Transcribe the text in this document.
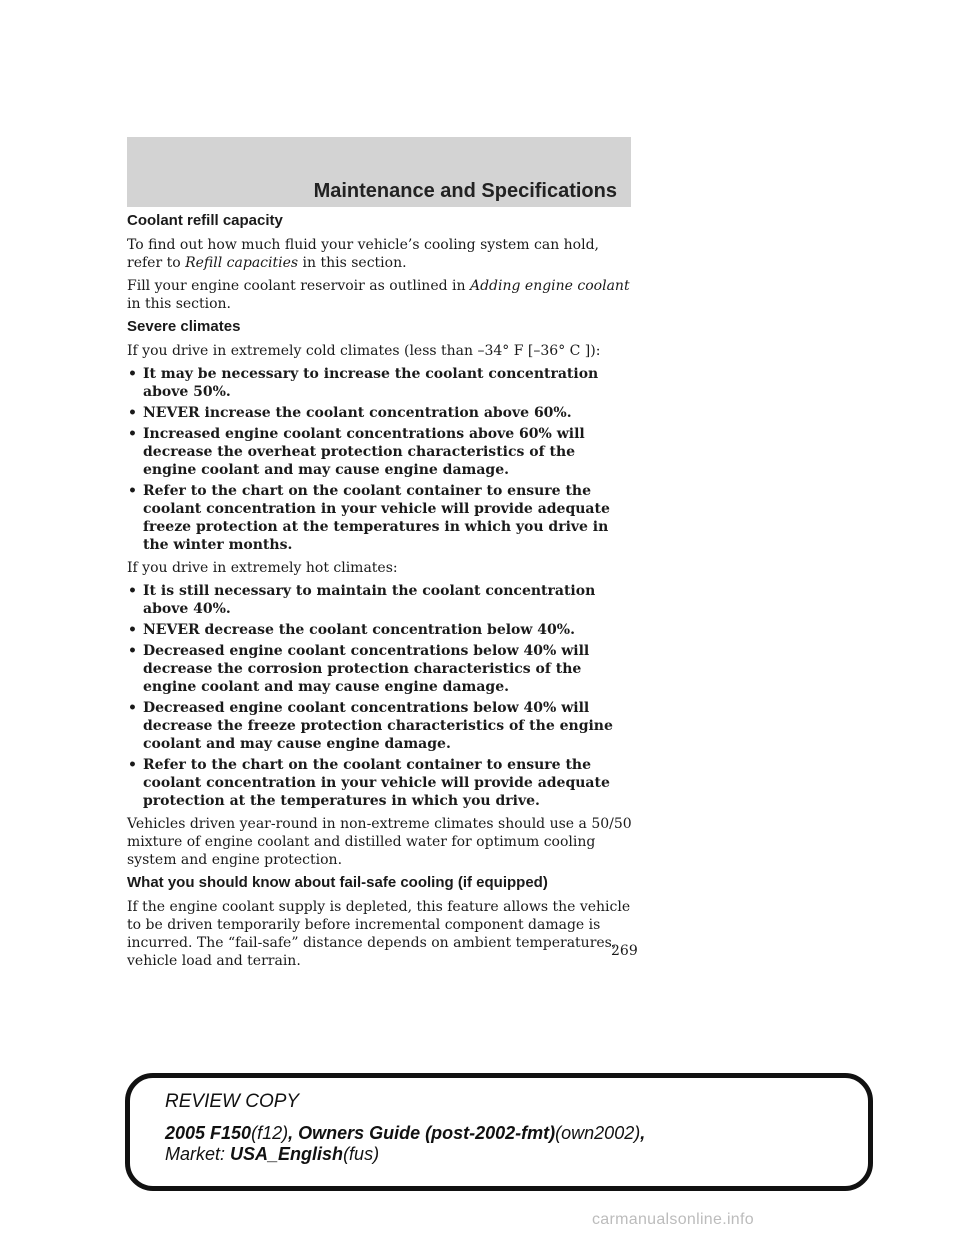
Maintenance and Specifications
Coolant refill capacity

To find out how much fluid your vehicle’s cooling system can hold, refer to Refill capacities in this section.

Fill your engine coolant reservoir as outlined in Adding engine coolant in this section.

Severe climates

If you drive in extremely cold climates (less than –34° F [–36° C ]):

• It may be necessary to increase the coolant concentration above 50%.
• NEVER increase the coolant concentration above 60%.
• Increased engine coolant concentrations above 60% will decrease the overheat protection characteristics of the engine coolant and may cause engine damage.
• Refer to the chart on the coolant container to ensure the coolant concentration in your vehicle will provide adequate freeze protection at the temperatures in which you drive in the winter months.

If you drive in extremely hot climates:

• It is still necessary to maintain the coolant concentration above 40%.
• NEVER decrease the coolant concentration below 40%.
• Decreased engine coolant concentrations below 40% will decrease the corrosion protection characteristics of the engine coolant and may cause engine damage.
• Decreased engine coolant concentrations below 40% will decrease the freeze protection characteristics of the engine coolant and may cause engine damage.
• Refer to the chart on the coolant container to ensure the coolant concentration in your vehicle will provide adequate protection at the temperatures in which you drive.

Vehicles driven year-round in non-extreme climates should use a 50/50 mixture of engine coolant and distilled water for optimum cooling system and engine protection.

What you should know about fail-safe cooling (if equipped)

If the engine coolant supply is depleted, this feature allows the vehicle to be driven temporarily before incremental component damage is incurred. The “fail-safe” distance depends on ambient temperatures, vehicle load and terrain.

269
REVIEW COPY
2005 F150(f12), Owners Guide (post-2002-fmt)(own2002),
Market: USA_English(fus)
carmanualsonline.info
